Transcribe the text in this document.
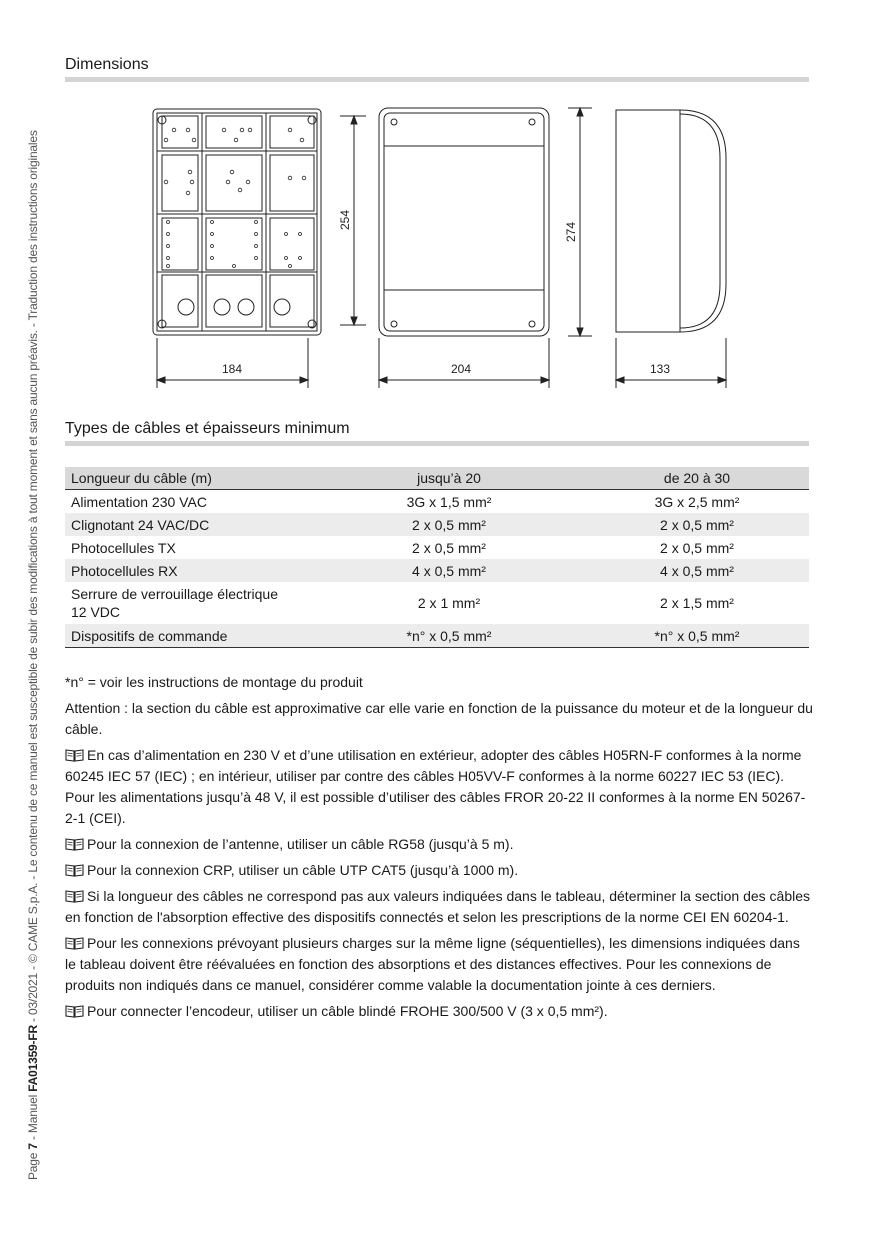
Page 7 - Manuel FA01359-FR - 03/2021 - © CAME S.p.A. - Le contenu de ce manuel est susceptible de subir des modifications à tout moment et sans aucun préavis. - Traduction des instructions originales
Dimensions
254
274
184	204	133
Types de câbles et épaisseurs minimum
Longueur du câble (m)	jusqu’à 20	de 20 à 30
Alimentation 230 VAC	3G x 1,5 mm²	3G x 2,5 mm²
Clignotant 24 VAC/DC	2 x 0,5 mm²	2 x 0,5 mm²
Photocellules TX	2 x 0,5 mm²	2 x 0,5 mm²
Photocellules RX	4 x 0,5 mm²	4 x 0,5 mm²
Serrure de verrouillage électrique 12 VDC	2 x 1 mm²	2 x 1,5 mm²
Dispositifs de commande	*n° x 0,5 mm²	*n° x 0,5 mm²

*n° = voir les instructions de montage du produit

Attention : la section du câble est approximative car elle varie en fonction de la puissance du moteur et de la longueur du câble.

En cas d’alimentation en 230 V et d’une utilisation en extérieur, adopter des câbles H05RN-F conformes à la norme 60245 IEC 57 (IEC) ; en intérieur, utiliser par contre des câbles H05VV-F conformes à la norme 60227 IEC 53 (IEC). Pour les alimentations jusqu’à 48 V, il est possible d’utiliser des câbles FROR 20-22 II conformes à la norme EN 50267-2-1 (CEI).

Pour la connexion de l’antenne, utiliser un câble RG58 (jusqu’à 5 m).

Pour la connexion CRP, utiliser un câble UTP CAT5 (jusqu’à 1000 m).

Si la longueur des câbles ne correspond pas aux valeurs indiquées dans le tableau, déterminer la section des câbles en fonction de l'absorption effective des dispositifs connectés et selon les prescriptions de la norme CEI EN 60204-1.

Pour les connexions prévoyant plusieurs charges sur la même ligne (séquentielles), les dimensions indiquées dans le tableau doivent être réévaluées en fonction des absorptions et des distances effectives. Pour les connexions de produits non indiqués dans ce manuel, considérer comme valable la documentation jointe à ces derniers.

Pour connecter l’encodeur, utiliser un câble blindé FROHE 300/500 V (3 x 0,5 mm²).
